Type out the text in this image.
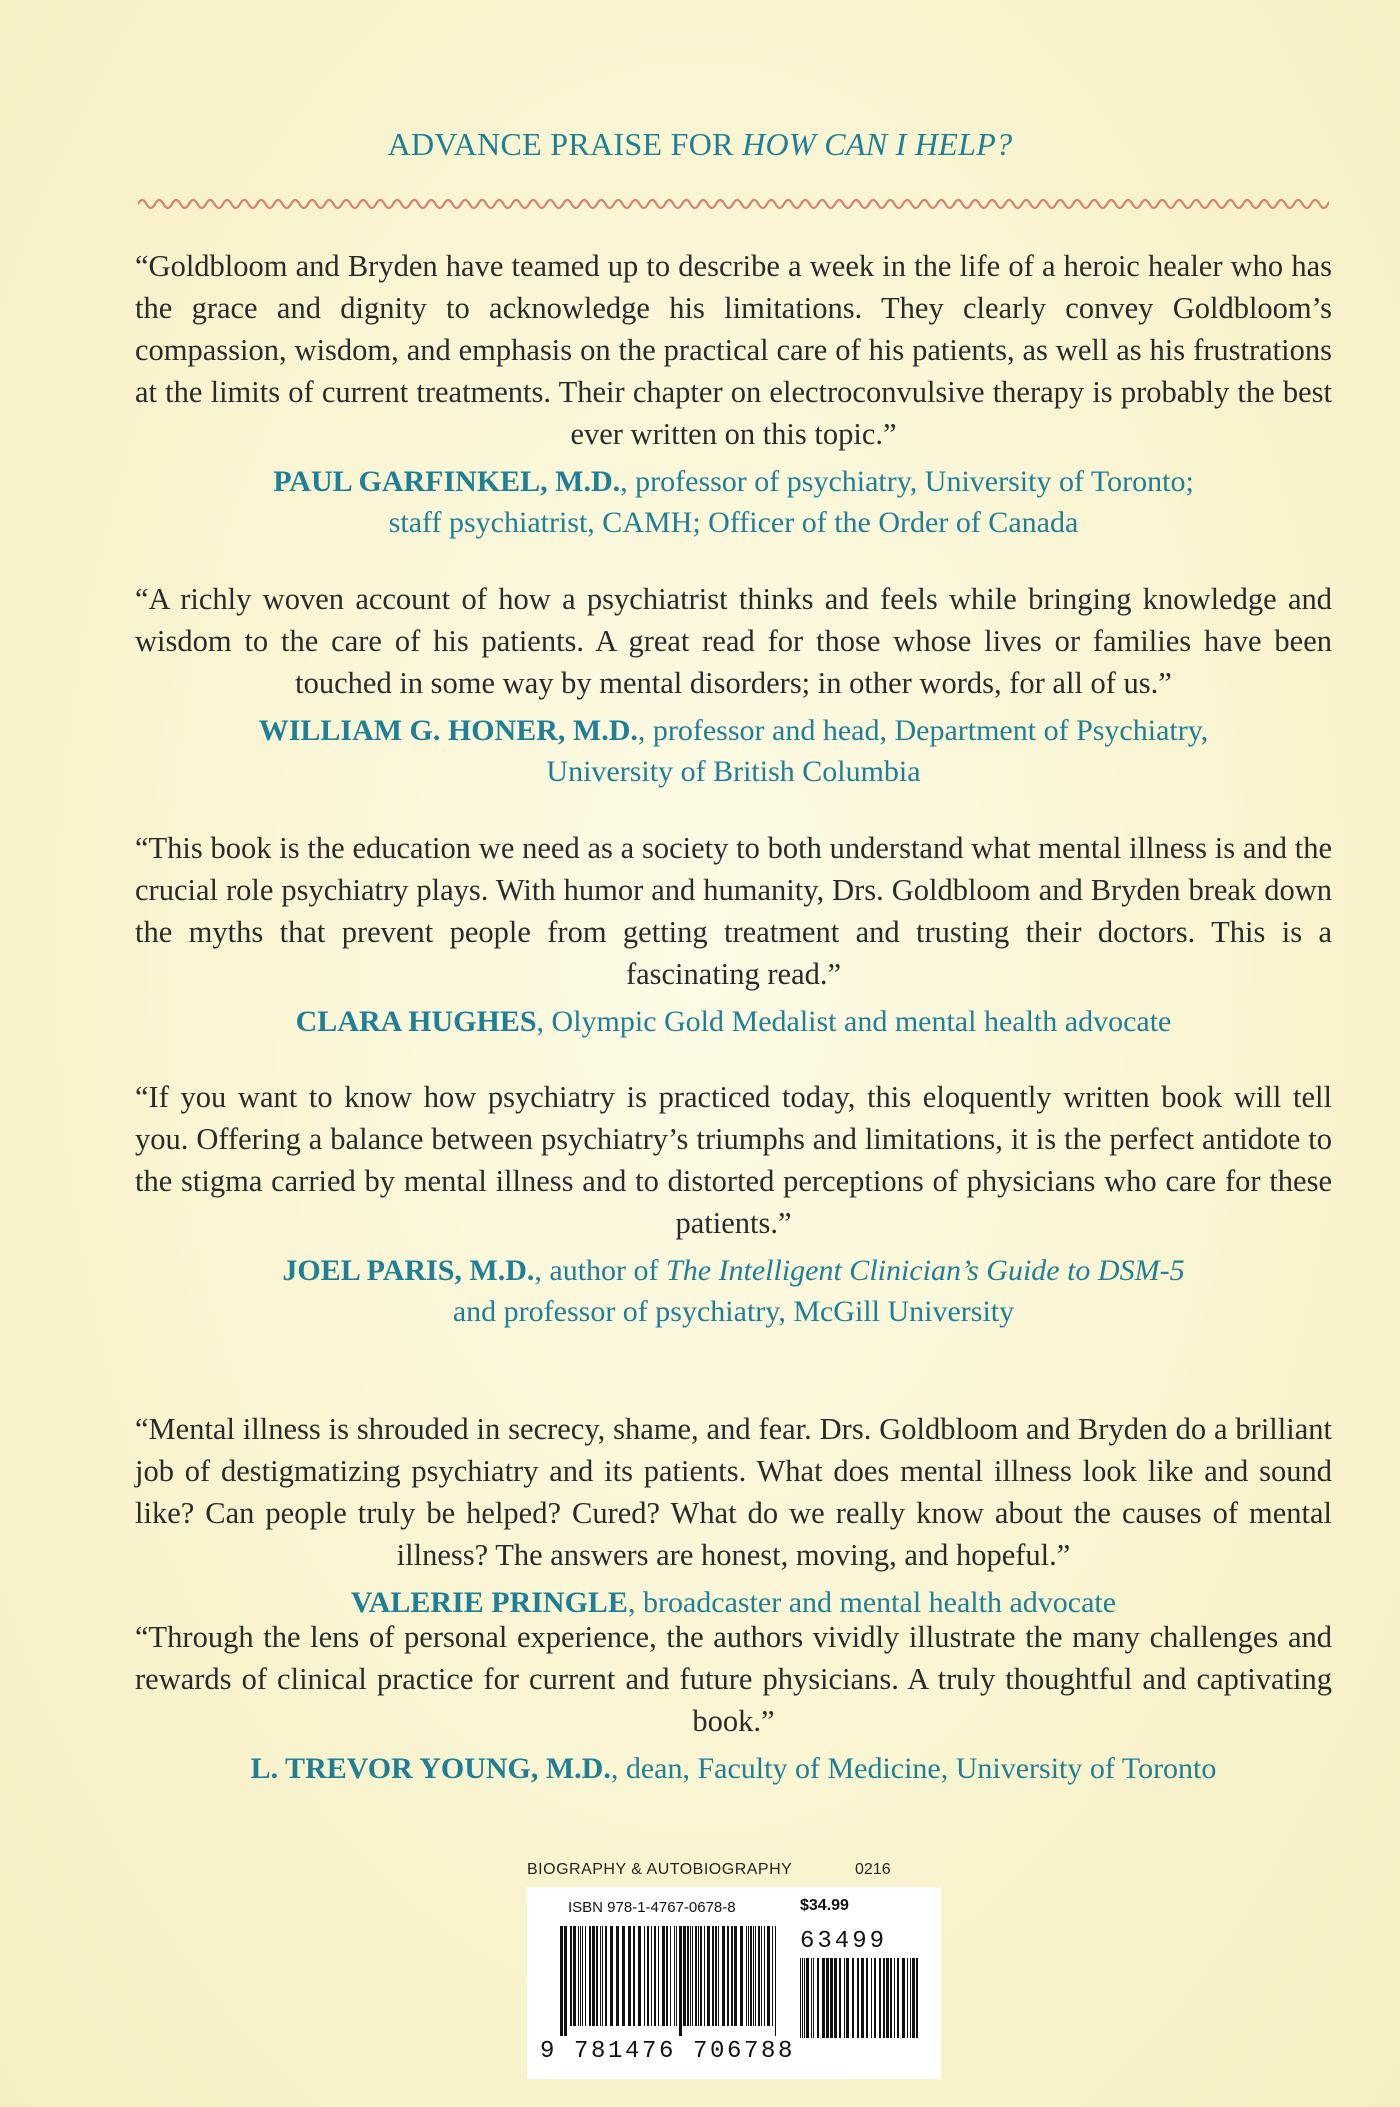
ADVANCE PRAISE FOR HOW CAN I HELP?
“Goldbloom and Bryden have teamed up to describe a week in the life of a heroic healer who has the grace and dignity to acknowledge his limitations. They clearly convey Goldbloom’s compassion, wisdom, and emphasis on the practical care of his patients, as well as his frustrations at the limits of current treatments. Their chapter on electroconvulsive therapy is probably the best ever written on this topic.”
PAUL GARFINKEL, M.D., professor of psychiatry, University of Toronto;
staff psychiatrist, CAMH; Officer of the Order of Canada
“A richly woven account of how a psychiatrist thinks and feels while bringing knowledge and wisdom to the care of his patients. A great read for those whose lives or families have been touched in some way by mental disorders; in other words, for all of us.”
WILLIAM G. HONER, M.D., professor and head, Department of Psychiatry,
University of British Columbia
“This book is the education we need as a society to both understand what mental illness is and the crucial role psychiatry plays. With humor and humanity, Drs. Goldbloom and Bryden break down the myths that prevent people from getting treatment and trusting their doctors. This is a fascinating read.”
CLARA HUGHES, Olympic Gold Medalist and mental health advocate
“If you want to know how psychiatry is practiced today, this eloquently written book will tell you. Offering a balance between psychiatry’s triumphs and limitations, it is the perfect antidote to the stigma carried by mental illness and to distorted perceptions of physicians who care for these patients.”
JOEL PARIS, M.D., author of The Intelligent Clinician’s Guide to DSM-5
and professor of psychiatry, McGill University
“Mental illness is shrouded in secrecy, shame, and fear. Drs. Goldbloom and Bryden do a brilliant job of destigmatizing psychiatry and its patients. What does mental illness look like and sound like? Can people truly be helped? Cured? What do we really know about the causes of mental illness? The answers are honest, moving, and hopeful.”
VALERIE PRINGLE, broadcaster and mental health advocate
“Through the lens of personal experience, the authors vividly illustrate the many challenges and rewards of clinical practice for current and future physicians. A truly thoughtful and captivating book.”
L. TREVOR YOUNG, M.D., dean, Faculty of Medicine, University of Toronto
BIOGRAPHY & AUTOBIOGRAPHY	0216
ISBN 978-1-4767-0678-8	$34.99
63499
9 781476 706788
